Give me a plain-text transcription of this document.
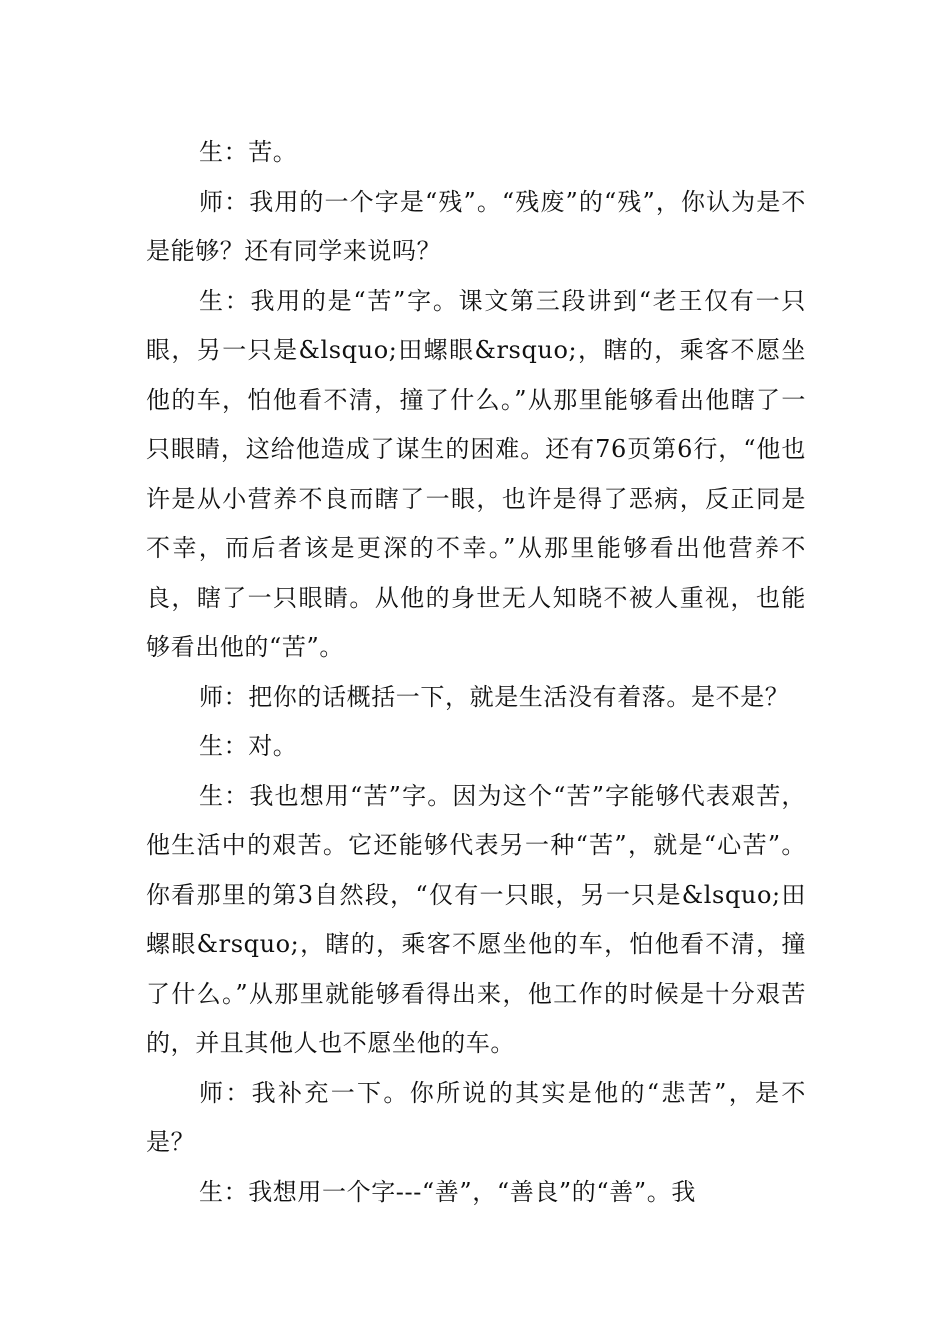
生：苦。

师：我用的一个字是“残”。“残废”的“残”，你认为是不是能够？还有同学来说吗？

生：我用的是“苦”字。课文第三段讲到“老王仅有一只眼，另一只是&lsquo;田螺眼&rsquo;，瞎的，乘客不愿坐他的车，怕他看不清，撞了什么。”从那里能够看出他瞎了一只眼睛，这给他造成了谋生的困难。还有76页第6行，“他也许是从小营养不良而瞎了一眼，也许是得了恶病，反正同是不幸，而后者该是更深的不幸。”从那里能够看出他营养不良，瞎了一只眼睛。从他的身世无人知晓不被人重视，也能够看出他的“苦”。

师：把你的话概括一下，就是生活没有着落。是不是？

生：对。

生：我也想用“苦”字。因为这个“苦”字能够代表艰苦，他生活中的艰苦。它还能够代表另一种“苦”，就是“心苦”。你看那里的第3自然段，“仅有一只眼，另一只是&lsquo;田螺眼&rsquo;，瞎的，乘客不愿坐他的车，怕他看不清，撞了什么。”从那里就能够看得出来，他工作的时候是十分艰苦的，并且其他人也不愿坐他的车。

师：我补充一下。你所说的其实是他的“悲苦”，是不是？

生：我想用一个字---“善”，“善良”的“善”。我
